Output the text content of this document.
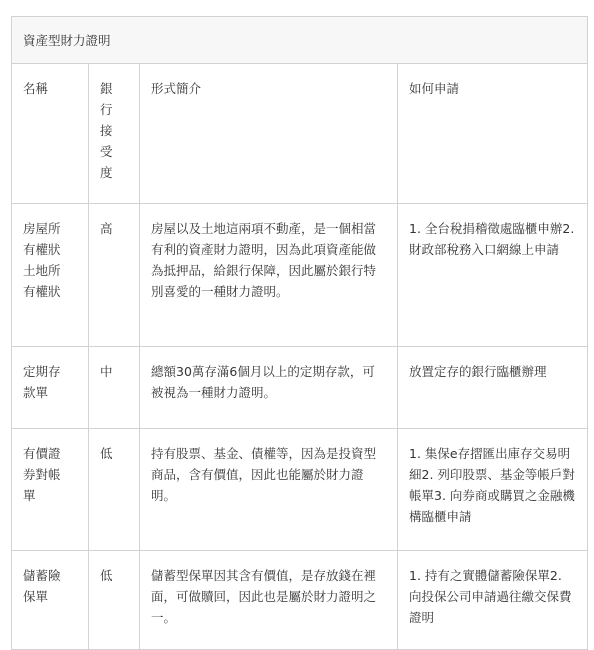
資產型財力證明			
名稱	銀行接受度	形式簡介	如何申請
房屋所有權狀土地所有權狀	高	房屋以及土地這兩項不動產，是一個相當有利的資產財力證明，因為此項資產能做為抵押品，給銀行保障，因此屬於銀行特別喜愛的一種財力證明。	1. 全台稅捐稽徵處臨櫃申辦2. 財政部稅務入口網線上申請
定期存款單	中	總額30萬存滿6個月以上的定期存款，可被視為一種財力證明。	放置定存的銀行臨櫃辦理
有價證券對帳單	低	持有股票、基金、債權等，因為是投資型商品，含有價值，因此也能屬於財力證明。	1. 集保e存摺匯出庫存交易明細2. 列印股票、基金等帳戶對帳單3. 向券商或購買之金融機構臨櫃申請
儲蓄險保單	低	儲蓄型保單因其含有價值，是存放錢在裡面，可做贖回，因此也是屬於財力證明之一。	1. 持有之實體儲蓄險保單2. 向投保公司申請過往繳交保費證明
